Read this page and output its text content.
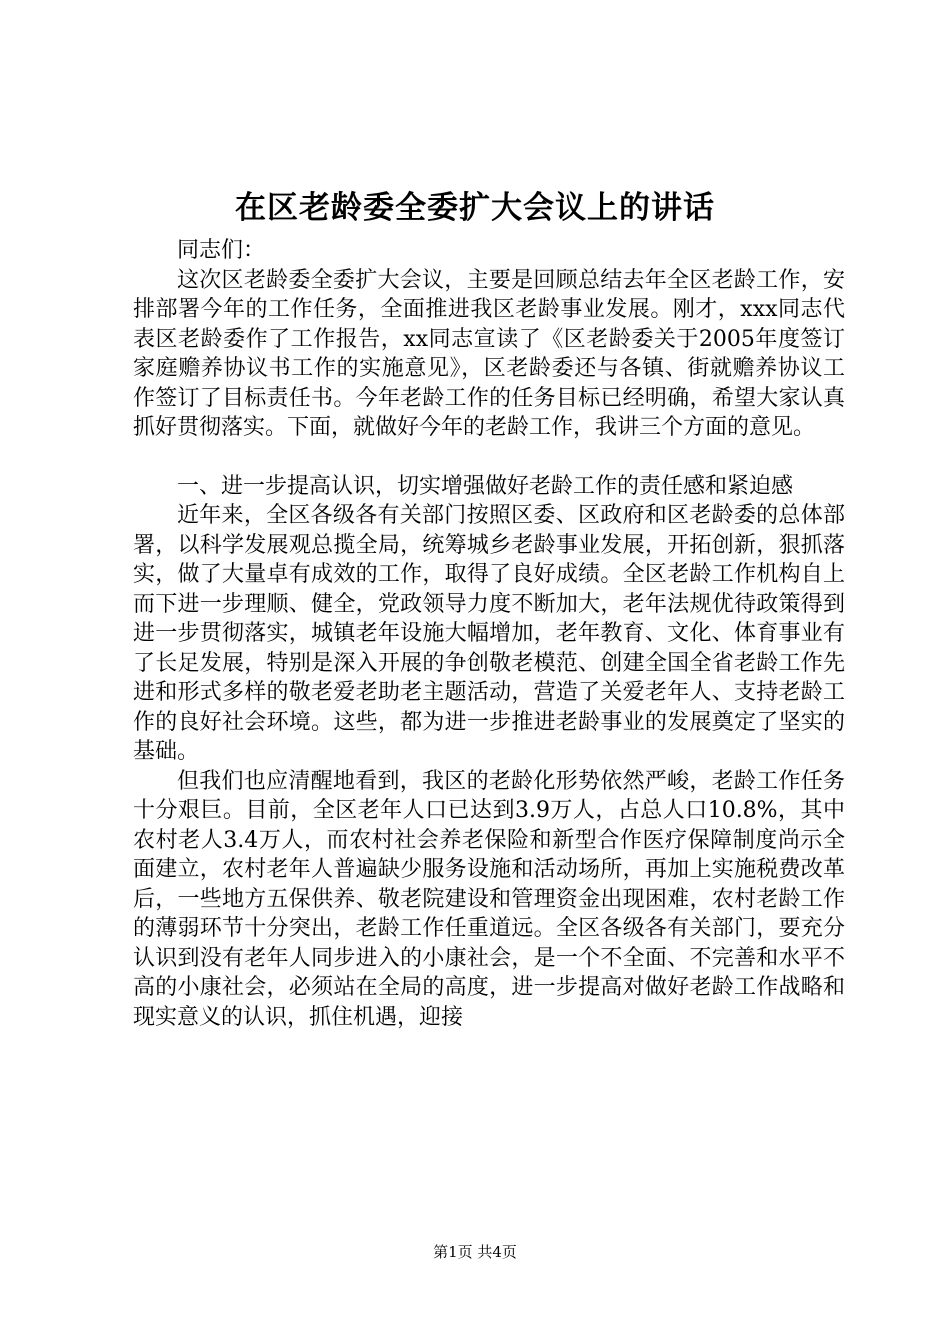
在区老龄委全委扩大会议上的讲话

同志们：

这次区老龄委全委扩大会议，主要是回顾总结去年全区老龄工作，安排部署今年的工作任务，全面推进我区老龄事业发展。刚才，xxx同志代表区老龄委作了工作报告，xx同志宣读了《区老龄委关于2005年度签订家庭赡养协议书工作的实施意见》，区老龄委还与各镇、街就赡养协议工作签订了目标责任书。今年老龄工作的任务目标已经明确，希望大家认真抓好贯彻落实。下面，就做好今年的老龄工作，我讲三个方面的意见。

一、进一步提高认识，切实增强做好老龄工作的责任感和紧迫感

近年来，全区各级各有关部门按照区委、区政府和区老龄委的总体部署，以科学发展观总揽全局，统筹城乡老龄事业发展，开拓创新，狠抓落实，做了大量卓有成效的工作，取得了良好成绩。全区老龄工作机构自上而下进一步理顺、健全，党政领导力度不断加大，老年法规优待政策得到进一步贯彻落实，城镇老年设施大幅增加，老年教育、文化、体育事业有了长足发展，特别是深入开展的争创敬老模范、创建全国全省老龄工作先进和形式多样的敬老爱老助老主题活动，营造了关爱老年人、支持老龄工作的良好社会环境。这些，都为进一步推进老龄事业的发展奠定了坚实的基础。

但我们也应清醒地看到，我区的老龄化形势依然严峻，老龄工作任务十分艰巨。目前，全区老年人口已达到3.9万人，占总人口10.8%，其中农村老人3.4万人，而农村社会养老保险和新型合作医疗保障制度尚示全面建立，农村老年人普遍缺少服务设施和活动场所，再加上实施税费改革后，一些地方五保供养、敬老院建设和管理资金出现困难，农村老龄工作的薄弱环节十分突出，老龄工作任重道远。全区各级各有关部门，要充分认识到没有老年人同步进入的小康社会，是一个不全面、不完善和水平不高的小康社会，必须站在全局的高度，进一步提高对做好老龄工作战略和现实意义的认识，抓住机遇，迎接

第1页 共4页
